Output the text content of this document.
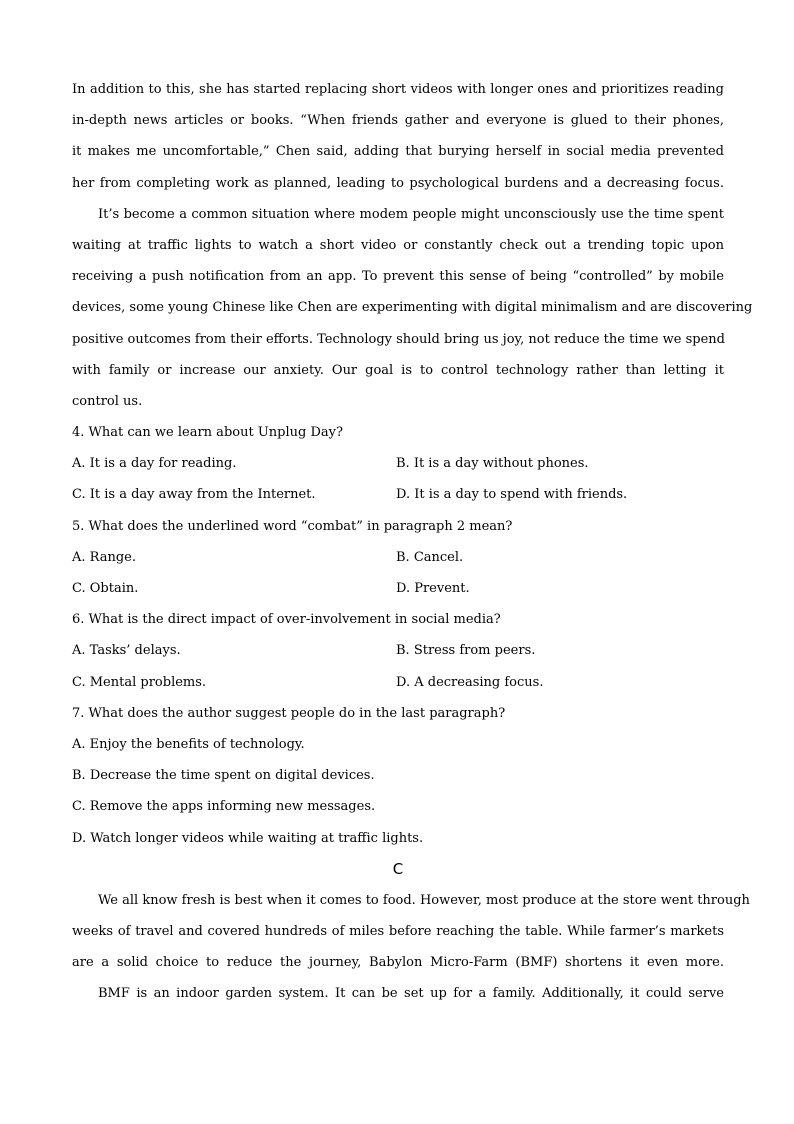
In addition to this, she has started replacing short videos with longer ones and prioritizes reading
in-depth news articles or books. “When friends gather and everyone is glued to their phones,
it makes me uncomfortable,” Chen said, adding that burying herself in social media prevented
her from completing work as planned, leading to psychological burdens and a decreasing focus.
It’s become a common situation where modem people might unconsciously use the time spent
waiting at traffic lights to watch a short video or constantly check out a trending topic upon
receiving a push notification from an app. To prevent this sense of being “controlled” by mobile
devices, some young Chinese like Chen are experimenting with digital minimalism and are discovering
positive outcomes from their efforts. Technology should bring us joy, not reduce the time we spend
with family or increase our anxiety. Our goal is to control technology rather than letting it
control us.
4. What can we learn about Unplug Day?
A. It is a day for reading.	B. It is a day without phones.
C. It is a day away from the Internet.	D. It is a day to spend with friends.
5. What does the underlined word “combat” in paragraph 2 mean?
A. Range.	B. Cancel.
C. Obtain.	D. Prevent.
6. What is the direct impact of over-involvement in social media?
A. Tasks’ delays.	B. Stress from peers.
C. Mental problems.	D. A decreasing focus.
7. What does the author suggest people do in the last paragraph?
A. Enjoy the benefits of technology.
B. Decrease the time spent on digital devices.
C. Remove the apps informing new messages.
D. Watch longer videos while waiting at traffic lights.
C
We all know fresh is best when it comes to food. However, most produce at the store went through
weeks of travel and covered hundreds of miles before reaching the table. While farmer’s markets
are a solid choice to reduce the journey, Babylon Micro-Farm (BMF) shortens it even more.
BMF is an indoor garden system. It can be set up for a family. Additionally, it could serve
